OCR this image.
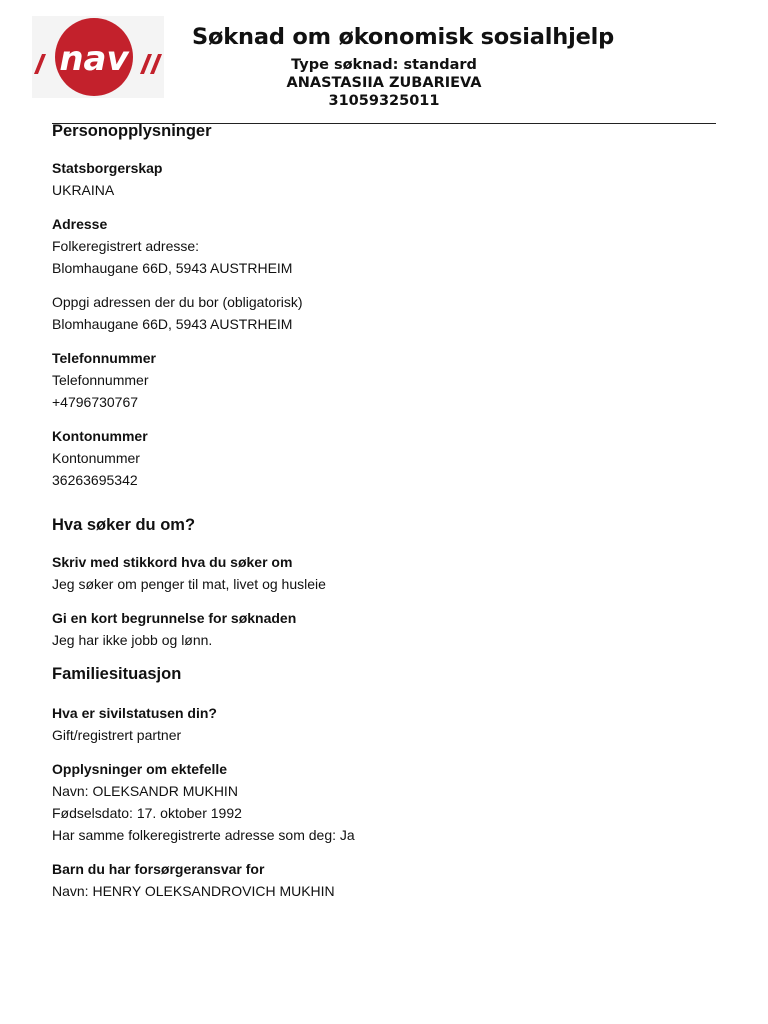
nav
Søknad om økonomisk sosialhjelp
Type søknad: standard
ANASTASIIA ZUBARIEVA
31059325011
Personopplysninger
Statsborgerskap
UKRAINA
Adresse
Folkeregistrert adresse:
Blomhaugane 66D, 5943 AUSTRHEIM
Oppgi adressen der du bor (obligatorisk)
Blomhaugane 66D, 5943 AUSTRHEIM
Telefonnummer
Telefonnummer
+4796730767
Kontonummer
Kontonummer
36263695342
Hva søker du om?
Skriv med stikkord hva du søker om
Jeg søker om penger til mat, livet og husleie
Gi en kort begrunnelse for søknaden
Jeg har ikke jobb og lønn.
Familiesituasjon
Hva er sivilstatusen din?
Gift/registrert partner
Opplysninger om ektefelle
Navn: OLEKSANDR MUKHIN
Fødselsdato: 17. oktober 1992
Har samme folkeregistrerte adresse som deg: Ja
Barn du har forsørgeransvar for
Navn: HENRY OLEKSANDROVICH MUKHIN
